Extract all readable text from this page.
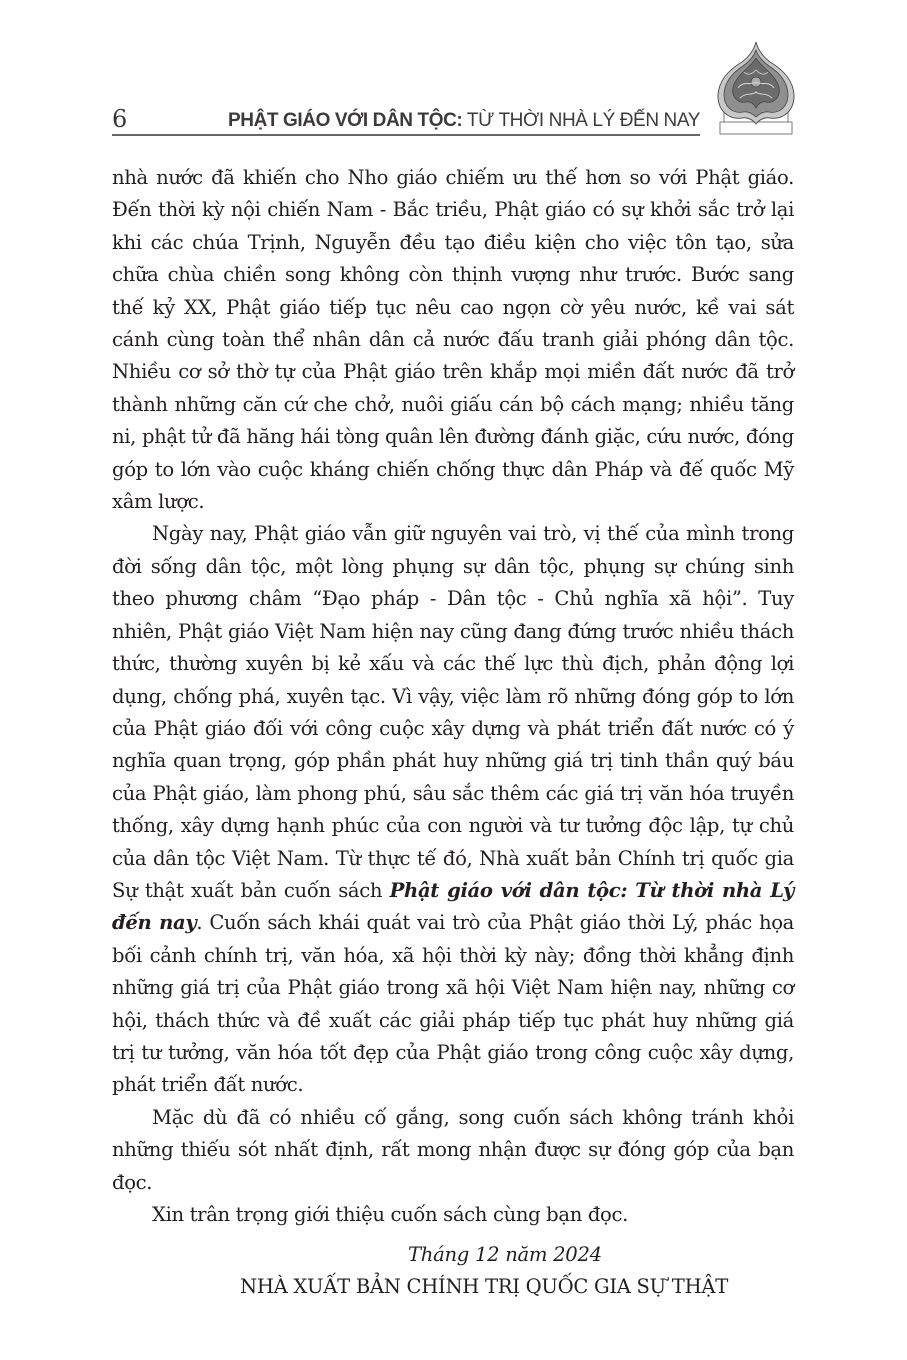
6	PHẬT GIÁO VỚI DÂN TỘC: TỪ THỜI NHÀ LÝ ĐẾN NAY

nhà nước đã khiến cho Nho giáo chiếm ưu thế hơn so với Phật giáo. Đến thời kỳ nội chiến Nam - Bắc triều, Phật giáo có sự khởi sắc trở lại khi các chúa Trịnh, Nguyễn đều tạo điều kiện cho việc tôn tạo, sửa chữa chùa chiền song không còn thịnh vượng như trước. Bước sang thế kỷ XX, Phật giáo tiếp tục nêu cao ngọn cờ yêu nước, kề vai sát cánh cùng toàn thể nhân dân cả nước đấu tranh giải phóng dân tộc. Nhiều cơ sở thờ tự của Phật giáo trên khắp mọi miền đất nước đã trở thành những căn cứ che chở, nuôi giấu cán bộ cách mạng; nhiều tăng ni, phật tử đã hăng hái tòng quân lên đường đánh giặc, cứu nước, đóng góp to lớn vào cuộc kháng chiến chống thực dân Pháp và đế quốc Mỹ xâm lược.

Ngày nay, Phật giáo vẫn giữ nguyên vai trò, vị thế của mình trong đời sống dân tộc, một lòng phụng sự dân tộc, phụng sự chúng sinh theo phương châm “Đạo pháp - Dân tộc - Chủ nghĩa xã hội”. Tuy nhiên, Phật giáo Việt Nam hiện nay cũng đang đứng trước nhiều thách thức, thường xuyên bị kẻ xấu và các thế lực thù địch, phản động lợi dụng, chống phá, xuyên tạc. Vì vậy, việc làm rõ những đóng góp to lớn của Phật giáo đối với công cuộc xây dựng và phát triển đất nước có ý nghĩa quan trọng, góp phần phát huy những giá trị tinh thần quý báu của Phật giáo, làm phong phú, sâu sắc thêm các giá trị văn hóa truyền thống, xây dựng hạnh phúc của con người và tư tưởng độc lập, tự chủ của dân tộc Việt Nam. Từ thực tế đó, Nhà xuất bản Chính trị quốc gia Sự thật xuất bản cuốn sách Phật giáo với dân tộc: Từ thời nhà Lý đến nay. Cuốn sách khái quát vai trò của Phật giáo thời Lý, phác họa bối cảnh chính trị, văn hóa, xã hội thời kỳ này; đồng thời khẳng định những giá trị của Phật giáo trong xã hội Việt Nam hiện nay, những cơ hội, thách thức và đề xuất các giải pháp tiếp tục phát huy những giá trị tư tưởng, văn hóa tốt đẹp của Phật giáo trong công cuộc xây dựng, phát triển đất nước.

Mặc dù đã có nhiều cố gắng, song cuốn sách không tránh khỏi những thiếu sót nhất định, rất mong nhận được sự đóng góp của bạn đọc.

Xin trân trọng giới thiệu cuốn sách cùng bạn đọc.

Tháng 12 năm 2024
NHÀ XUẤT BẢN CHÍNH TRỊ QUỐC GIA SỰ THẬT
